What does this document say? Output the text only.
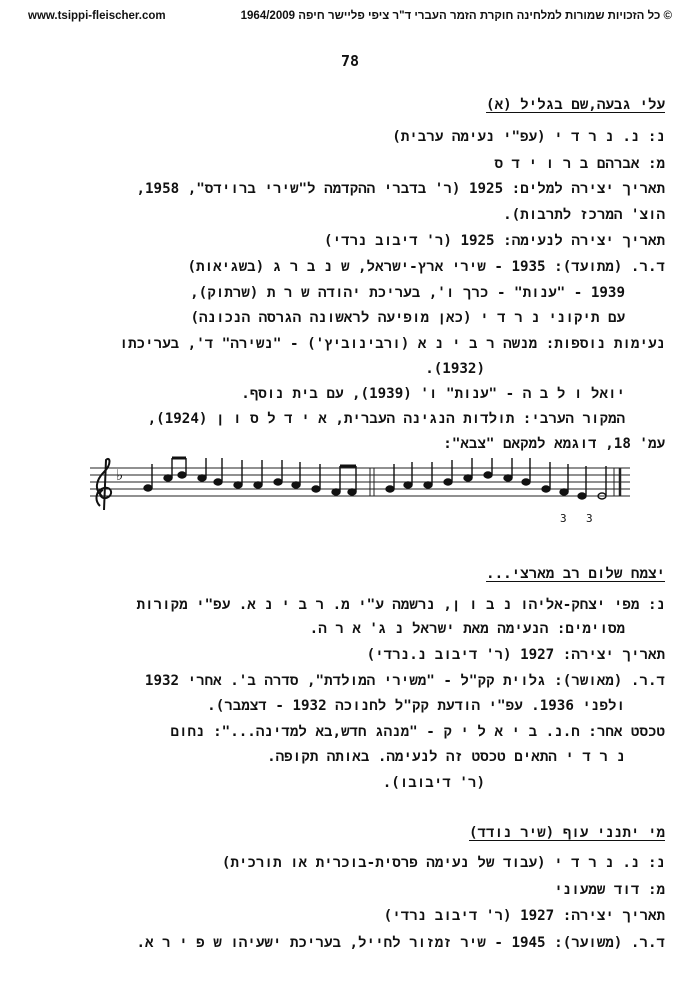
www.tsippi-fleischer.com	© כל הזכויות שמורות למלחינה חוקרת הזמר העברי ד"ר ציפי פליישר חיפה 1964/2009
78
עלי גבעה,שם בגליל (א)
נ: נ. נ ר ד י (עפ"י נעימה ערבית)
מ: אברהם ב ר ו י ד ס
תאריך יצירה למלים: 1925 (ר' בדברי ההקדמה ל"שירי ברוידס", 1958,
הוצ' המרכז לתרבות).
תאריך יצירה לנעימה: 1925 (ר' דיבוב נרדי)
ד.ר. (מתועד): 1935 - שירי ארץ-ישראל, ש נ ב ר ג (בשגיאות)
1939 - "ענות" - כרך ו', בעריכת יהודה ש ר ת (שרתוק),
עם תיקוני נ ר ד י (כאן מופיעה לראשונה הגרסה הנכונה)
נעימות נוספות: מנשה ר ב י נ א (ורבינוביץ') - "נשירה" ד', בעריכתו
(1932).
יואל ו ל ב ה - "ענות" ו' (1939), עם בית נוסף.
המקור הערבי: תולדות הנגינה העברית, א י ד ל ס ו ן (1924),
עמ' 18, דוגמא למקאם "צבא":
♭
3 3
יצמח שלום רב מארצי...
נ: מפי יצחק-אליהו נ ב ו ן, נרשמה ע"י מ. ר ב י נ א. עפ"י מקורות
מסוימים: הנעימה מאת ישראל נ ג' א ר ה.
תאריך יצירה: 1927 (ר' דיבוב נ.נרדי)
ד.ר. (מאושר): גלוית קק"ל - "משירי המולדת", סדרה ב'. אחרי 1932
ולפני 1936. עפ"י הודעת קק"ל לחנוכה 1932 - דצמבר).
טכסט אחר: ח.נ. ב י א ל י ק - "מנהג חדש,בא למדינה...": נחום
נ ר ד י התאים טכסט זה לנעימה. באותה תקופה.
(ר' דיבובו).
מי יתנני עוף (שיר נודד)
נ: נ. נ ר ד י (עבוד של נעימה פרסית-בוכרית או תורכית)
מ: דוד שמעוני
תאריך יצירה: 1927 (ר' דיבוב נרדי)
ד.ר. (משוער): 1945 - שיר זמזור לחייל, בעריכת ישעיהו ש פ י ר א.
